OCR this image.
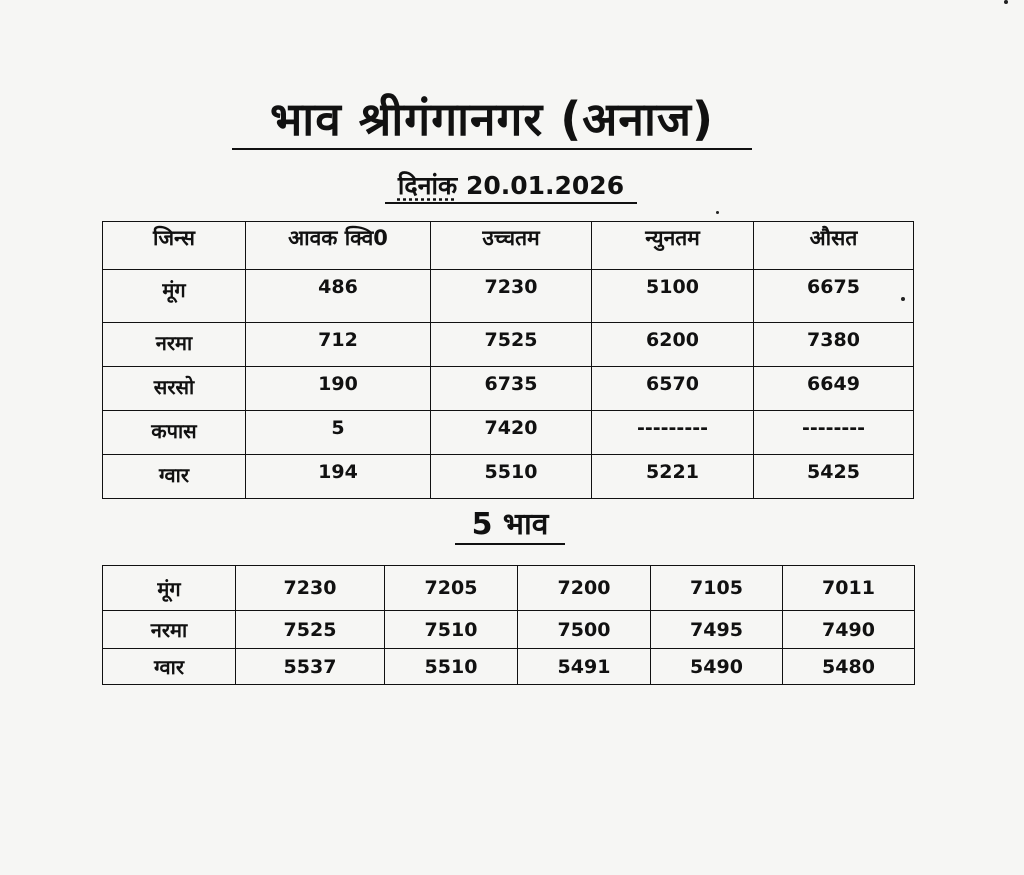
भाव श्रीगंगानगर (अनाज)
दिनांक 20.01.2026
जिन्स	आवक क्वि0	उच्चतम	न्युनतम	औसत
मूंग	486	7230	5100	6675
नरमा	712	7525	6200	7380
सरसो	190	6735	6570	6649
कपास	5	7420	---------	--------
ग्वार	194	5510	5221	5425
5 भाव
मूंग	7230	7205	7200	7105	7011
नरमा	7525	7510	7500	7495	7490
ग्वार	5537	5510	5491	5490	5480
